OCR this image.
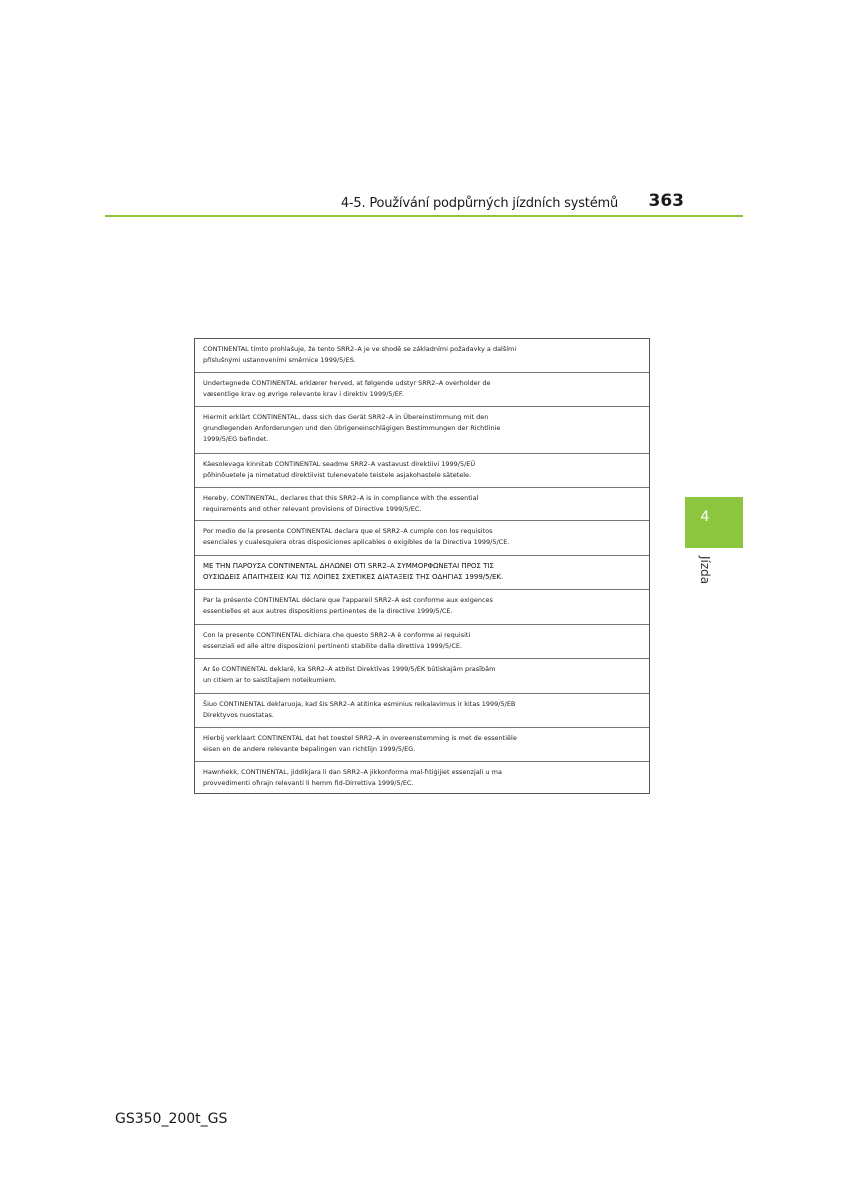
4-5. Používání podpůrných jízdních systémů	363
4
Jízda
CONTINENTAL tímto prohlašuje, že tento SRR2–A je ve shodě se základními požadavky a dalšími
příslušnými ustanoveními směrnice 1999/5/ES.
Undertegnede CONTINENTAL erklærer herved, at følgende udstyr SRR2–A overholder de
væsentlige krav og øvrige relevante krav i direktiv 1999/5/EF.
Hiermit erklärt CONTINENTAL, dass sich das Gerät SRR2–A in Übereinstimmung mit den
grundlegenden Anforderungen und den übrigeneinschlägigen Bestimmungen der Richtlinie
1999/5/EG befindet.
Käesolevaga kinnitab CONTINENTAL seadme SRR2–A vastavust direktiivi 1999/5/EÜ
põhinõuetele ja nimetatud direktiivist tulenevatele teistele asjakohastele sätetele.
Hereby, CONTINENTAL, declares that this SRR2–A is in compliance with the essential
requirements and other relevant provisions of Directive 1999/5/EC.
Por medio de la presente CONTINENTAL declara que el SRR2–A cumple con los requisitos
esenciales y cualesquiera otras disposiciones aplicables o exigibles de la Directiva 1999/5/CE.
ΜΕ ΤΗΝ ΠΑΡΟΥΣΑ CONTINENTAL ΔΗΛΩΝΕΙ ΟΤΙ SRR2–A ΣΥΜΜΟΡΦΩΝΕΤΑΙ ΠΡΟΣ ΤΙΣ
ΟΥΣΙΩΔΕΙΣ ΑΠΑΙΤΗΣΕΙΣ ΚΑΙ ΤΙΣ ΛΟΙΠΕΣ ΣΧΕΤΙΚΕΣ ΔΙΑΤΑΞΕΙΣ ΤΗΣ ΟΔΗΓΙΑΣ 1999/5/ΕΚ.
Par la présente CONTINENTAL déclare que l'appareil SRR2–A est conforme aux exigences
essentielles et aux autres dispositions pertinentes de la directive 1999/5/CE.
Con la presente CONTINENTAL dichiara che questo SRR2–A è conforme ai requisiti
essenziali ed alle altre disposizioni pertinenti stabilite dalla direttiva 1999/5/CE.
Ar šo CONTINENTAL deklarē, ka SRR2–A atbilst Direktīvas 1999/5/EK būtiskajām prasībām
un citiem ar to saistītajiem noteikumiem.
Šiuo CONTINENTAL deklaruoja, kad šis SRR2–A atitinka esminius reikalavimus ir kitas 1999/5/EB
Direktyvos nuostatas.
Hierbij verklaart CONTINENTAL dat het toestel SRR2–A in overeenstemming is met de essentiële
eisen en de andere relevante bepalingen van richtlijn 1999/5/EG.
Hawnhekk, CONTINENTAL, jiddikjara li dan SRR2–A jikkonforma mal-ħtiġijiet essenzjali u ma
provvedimenti oħrajn relevanti li hemm fid-Dirrettiva 1999/5/EC.
GS350_200t_GS
